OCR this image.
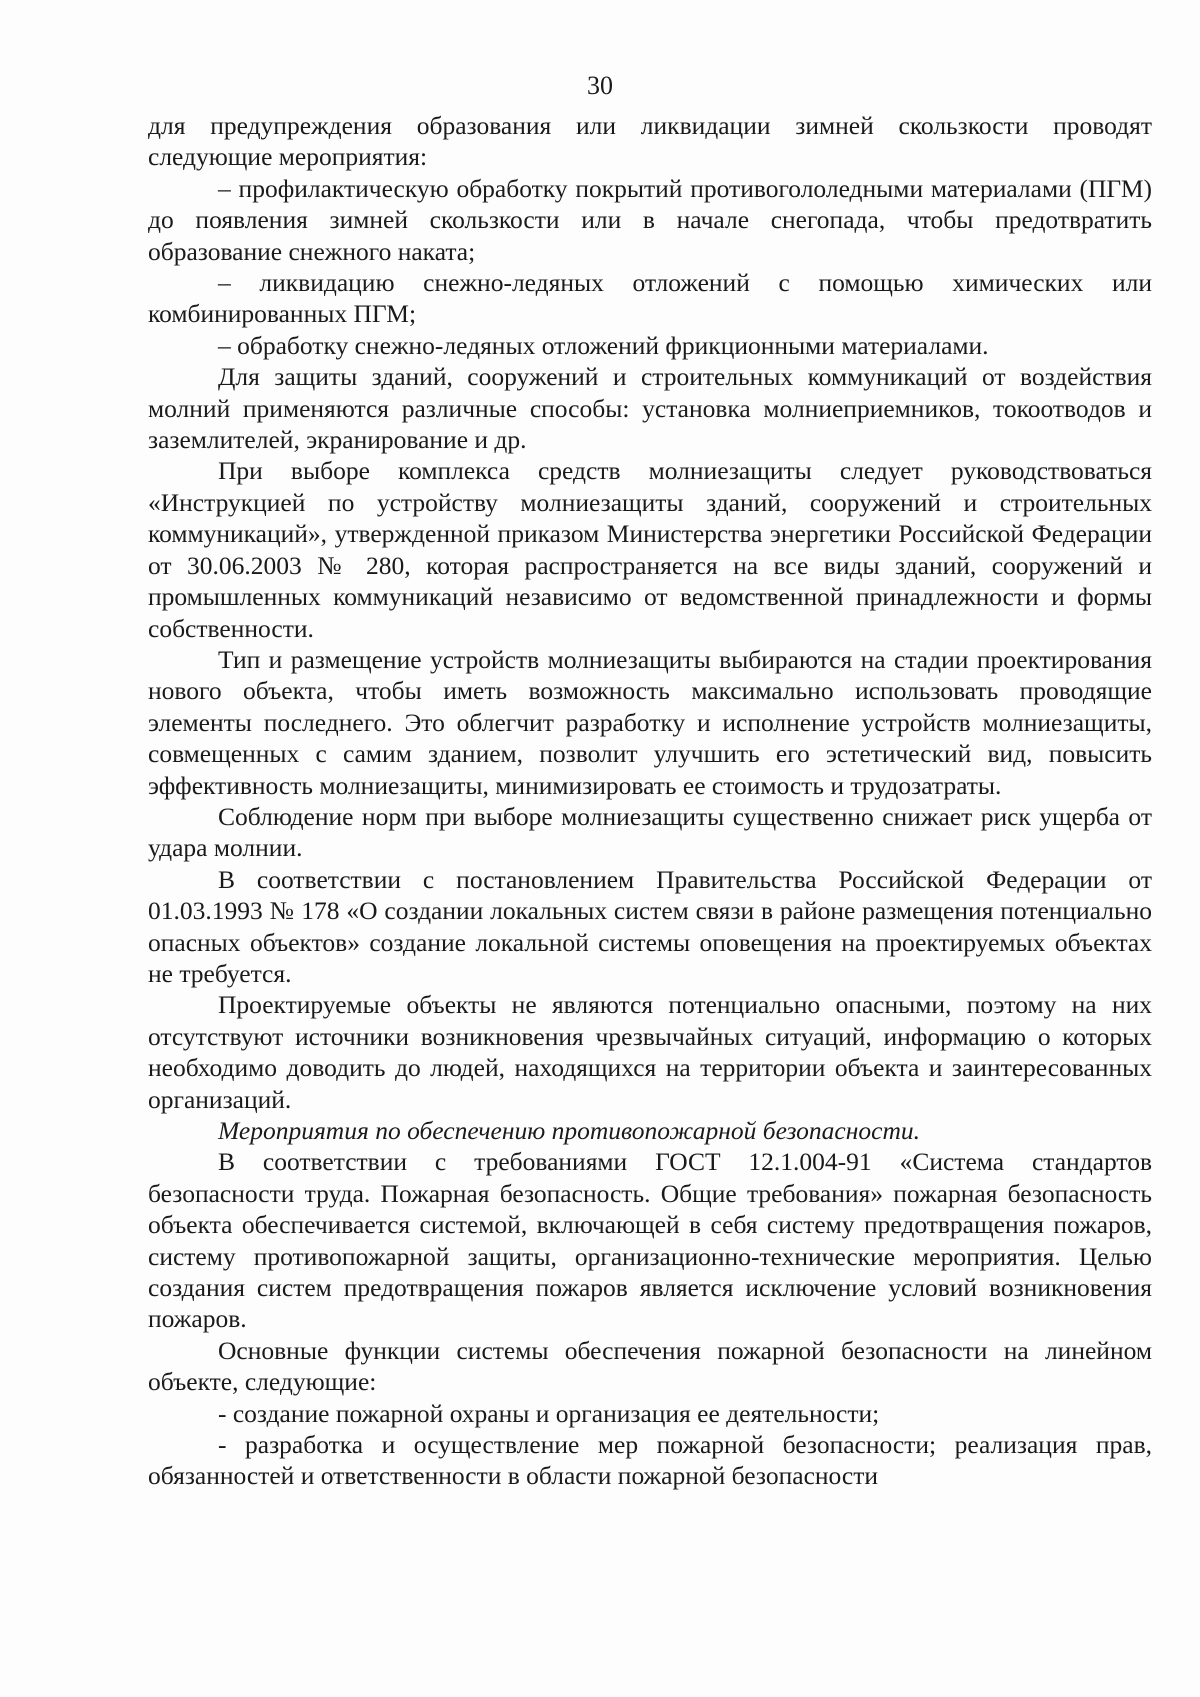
30

для предупреждения образования или ликвидации зимней скользкости проводят следующие мероприятия:

– профилактическую обработку покрытий противогололедными материалами (ПГМ) до появления зимней скользкости или в начале снегопада, чтобы предотвратить образование снежного наката;

– ликвидацию снежно-ледяных отложений с помощью химических или комбинированных ПГМ;

– обработку снежно-ледяных отложений фрикционными материалами.

Для защиты зданий, сооружений и строительных коммуникаций от воздействия молний применяются различные способы: установка молниеприемников, токоотводов и заземлителей, экранирование и др.

При выборе комплекса средств молниезащиты следует руководствоваться «Инструкцией по устройству молниезащиты зданий, сооружений и строительных коммуникаций», утвержденной приказом Министерства энергетики Российской Федерации от 30.06.2003 № 280, которая распространяется на все виды зданий, сооружений и промышленных коммуникаций независимо от ведомственной принадлежности и формы собственности.

Тип и размещение устройств молниезащиты выбираются на стадии проектирования нового объекта, чтобы иметь возможность максимально использовать проводящие элементы последнего. Это облегчит разработку и исполнение устройств молниезащиты, совмещенных с самим зданием, позволит улучшить его эстетический вид, повысить эффективность молниезащиты, минимизировать ее стоимость и трудозатраты.

Соблюдение норм при выборе молниезащиты существенно снижает риск ущерба от удара молнии.

В соответствии с постановлением Правительства Российской Федерации от 01.03.1993 № 178 «О создании локальных систем связи в районе размещения потенциально опасных объектов» создание локальной системы оповещения на проектируемых объектах не требуется.

Проектируемые объекты не являются потенциально опасными, поэтому на них отсутствуют источники возникновения чрезвычайных ситуаций, информацию о которых необходимо доводить до людей, находящихся на территории объекта и заинтересованных организаций.

Мероприятия по обеспечению противопожарной безопасности.

В соответствии с требованиями ГОСТ 12.1.004-91 «Система стандартов безопасности труда. Пожарная безопасность. Общие требования» пожарная безопасность объекта обеспечивается системой, включающей в себя систему предотвращения пожаров, систему противопожарной защиты, организационно-технические мероприятия. Целью создания систем предотвращения пожаров является исключение условий возникновения пожаров.

Основные функции системы обеспечения пожарной безопасности на линейном объекте, следующие:

- создание пожарной охраны и организация ее деятельности;

- разработка и осуществление мер пожарной безопасности; реализация прав, обязанностей и ответственности в области пожарной безопасности
